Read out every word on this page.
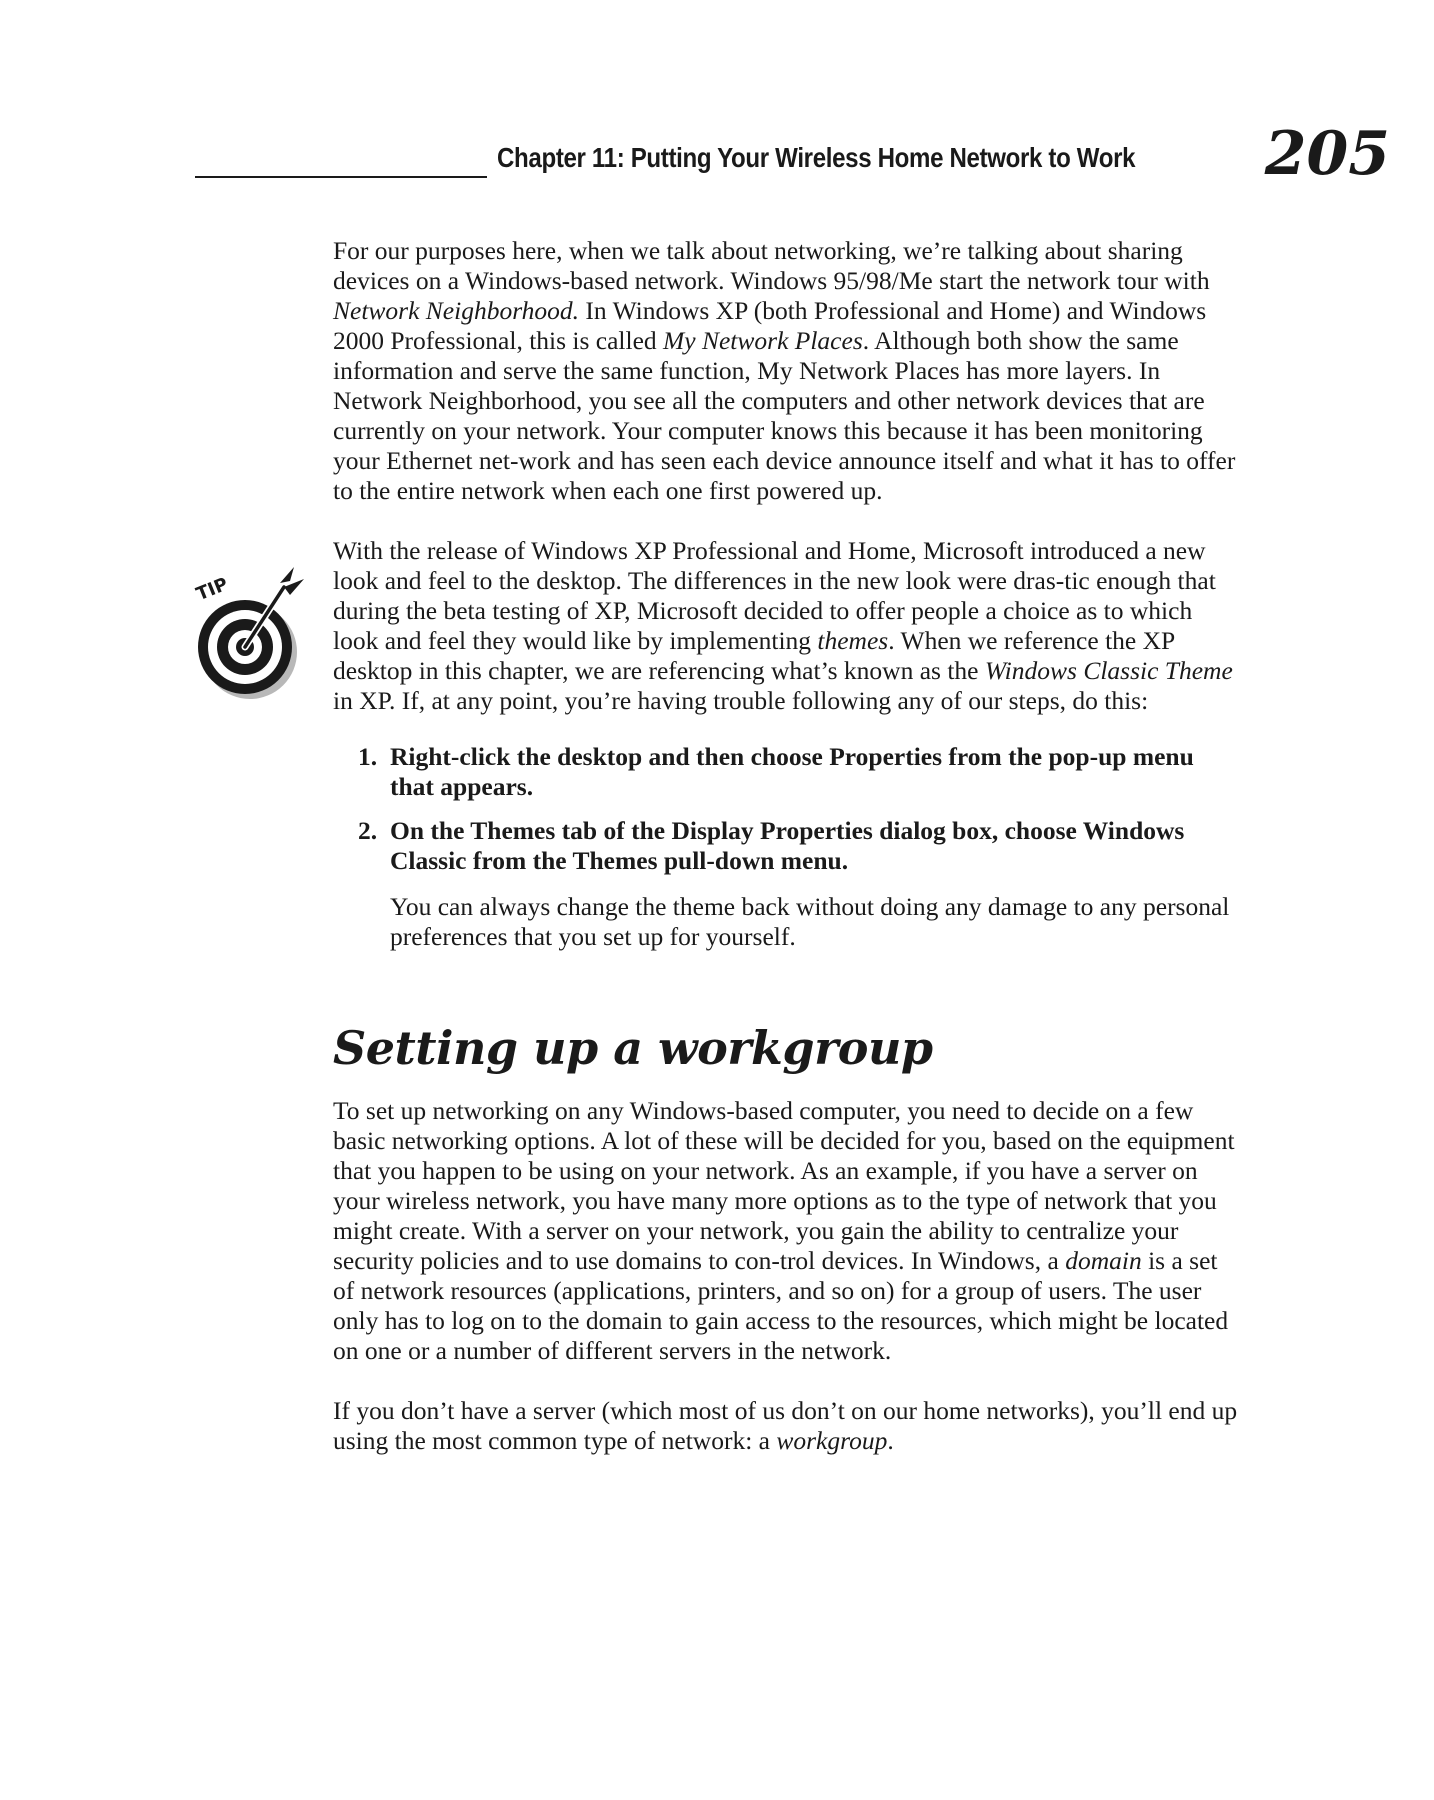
Chapter 11: Putting Your Wireless Home Network to Work 205
TIP

For our purposes here, when we talk about networking, we’re talking about sharing devices on a Windows-based network. Windows 95/98/Me start the network tour with Network Neighborhood. In Windows XP (both Professional and Home) and Windows 2000 Professional, this is called My Network Places. Although both show the same information and serve the same function, My Network Places has more layers. In Network Neighborhood, you see all the computers and other network devices that are currently on your network. Your computer knows this because it has been monitoring your Ethernet net-work and has seen each device announce itself and what it has to offer to the entire network when each one first powered up.

With the release of Windows XP Professional and Home, Microsoft introduced a new look and feel to the desktop. The differences in the new look were dras-tic enough that during the beta testing of XP, Microsoft decided to offer people a choice as to which look and feel they would like by implementing themes. When we reference the XP desktop in this chapter, we are referencing what’s known as the Windows Classic Theme in XP. If, at any point, you’re having trouble following any of our steps, do this:

1. Right-click the desktop and then choose Properties from the pop-up menu that appears.
2. On the Themes tab of the Display Properties dialog box, choose Windows Classic from the Themes pull-down menu.

You can always change the theme back without doing any damage to any personal preferences that you set up for yourself.

Setting up a workgroup

To set up networking on any Windows-based computer, you need to decide on a few basic networking options. A lot of these will be decided for you, based on the equipment that you happen to be using on your network. As an example, if you have a server on your wireless network, you have many more options as to the type of network that you might create. With a server on your network, you gain the ability to centralize your security policies and to use domains to con-trol devices. In Windows, a domain is a set of network resources (applications, printers, and so on) for a group of users. The user only has to log on to the domain to gain access to the resources, which might be located on one or a number of different servers in the network.

If you don’t have a server (which most of us don’t on our home networks), you’ll end up using the most common type of network: a workgroup.
